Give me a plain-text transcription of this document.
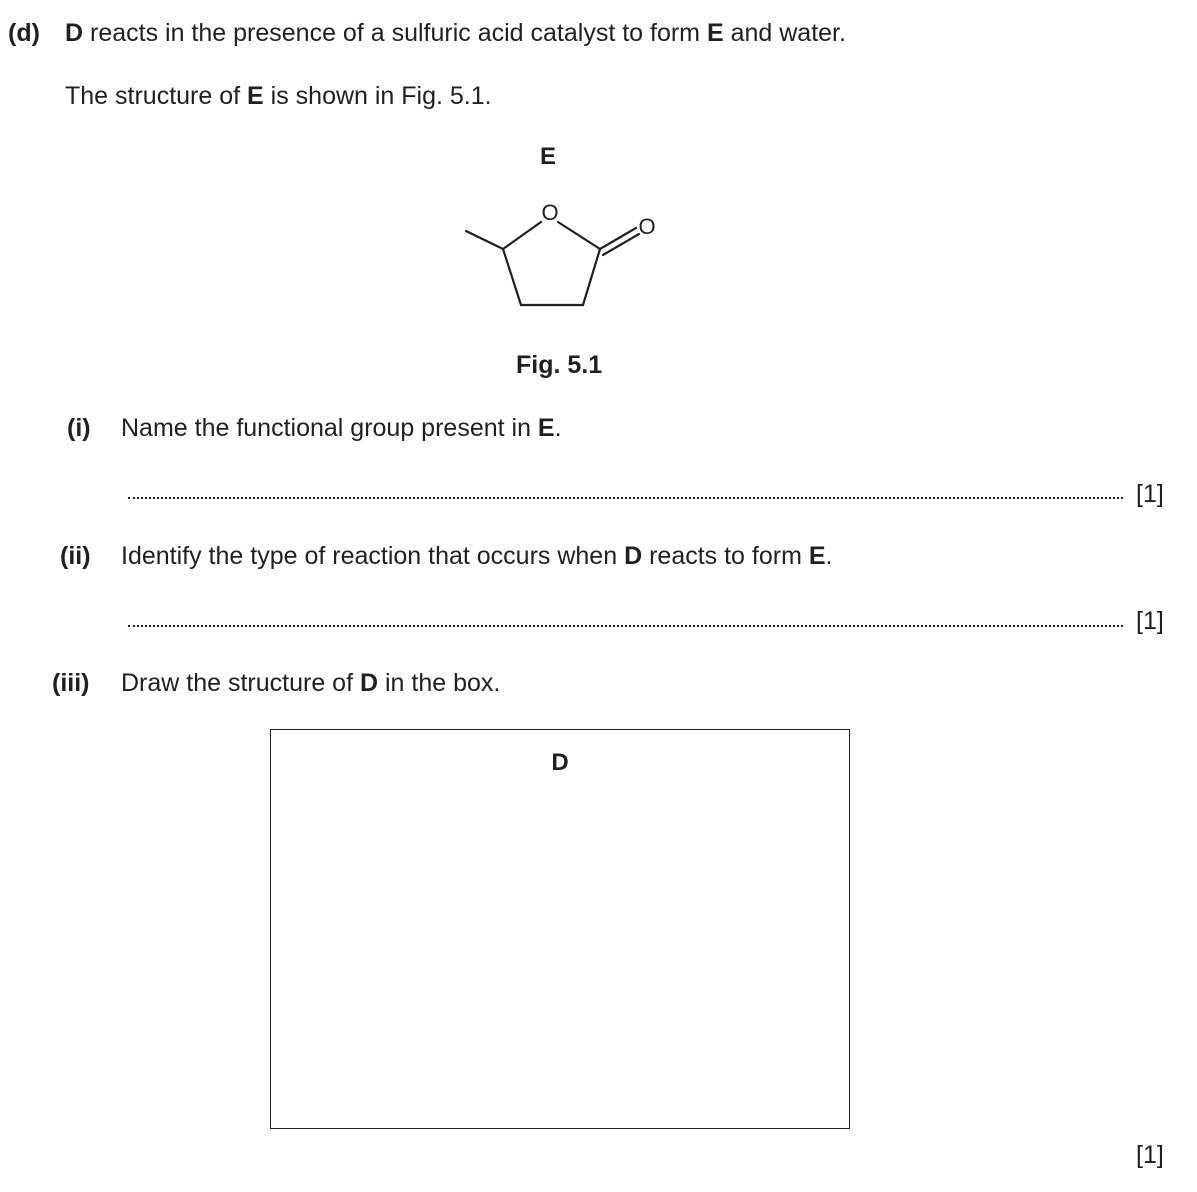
(d) D reacts in the presence of a sulfuric acid catalyst to form E and water.
The structure of E is shown in Fig. 5.1.
E
O
O
Fig. 5.1
(i) Name the functional group present in E.
[1]
(ii) Identify the type of reaction that occurs when D reacts to form E.
[1]
(iii) Draw the structure of D in the box.
D
[1]
